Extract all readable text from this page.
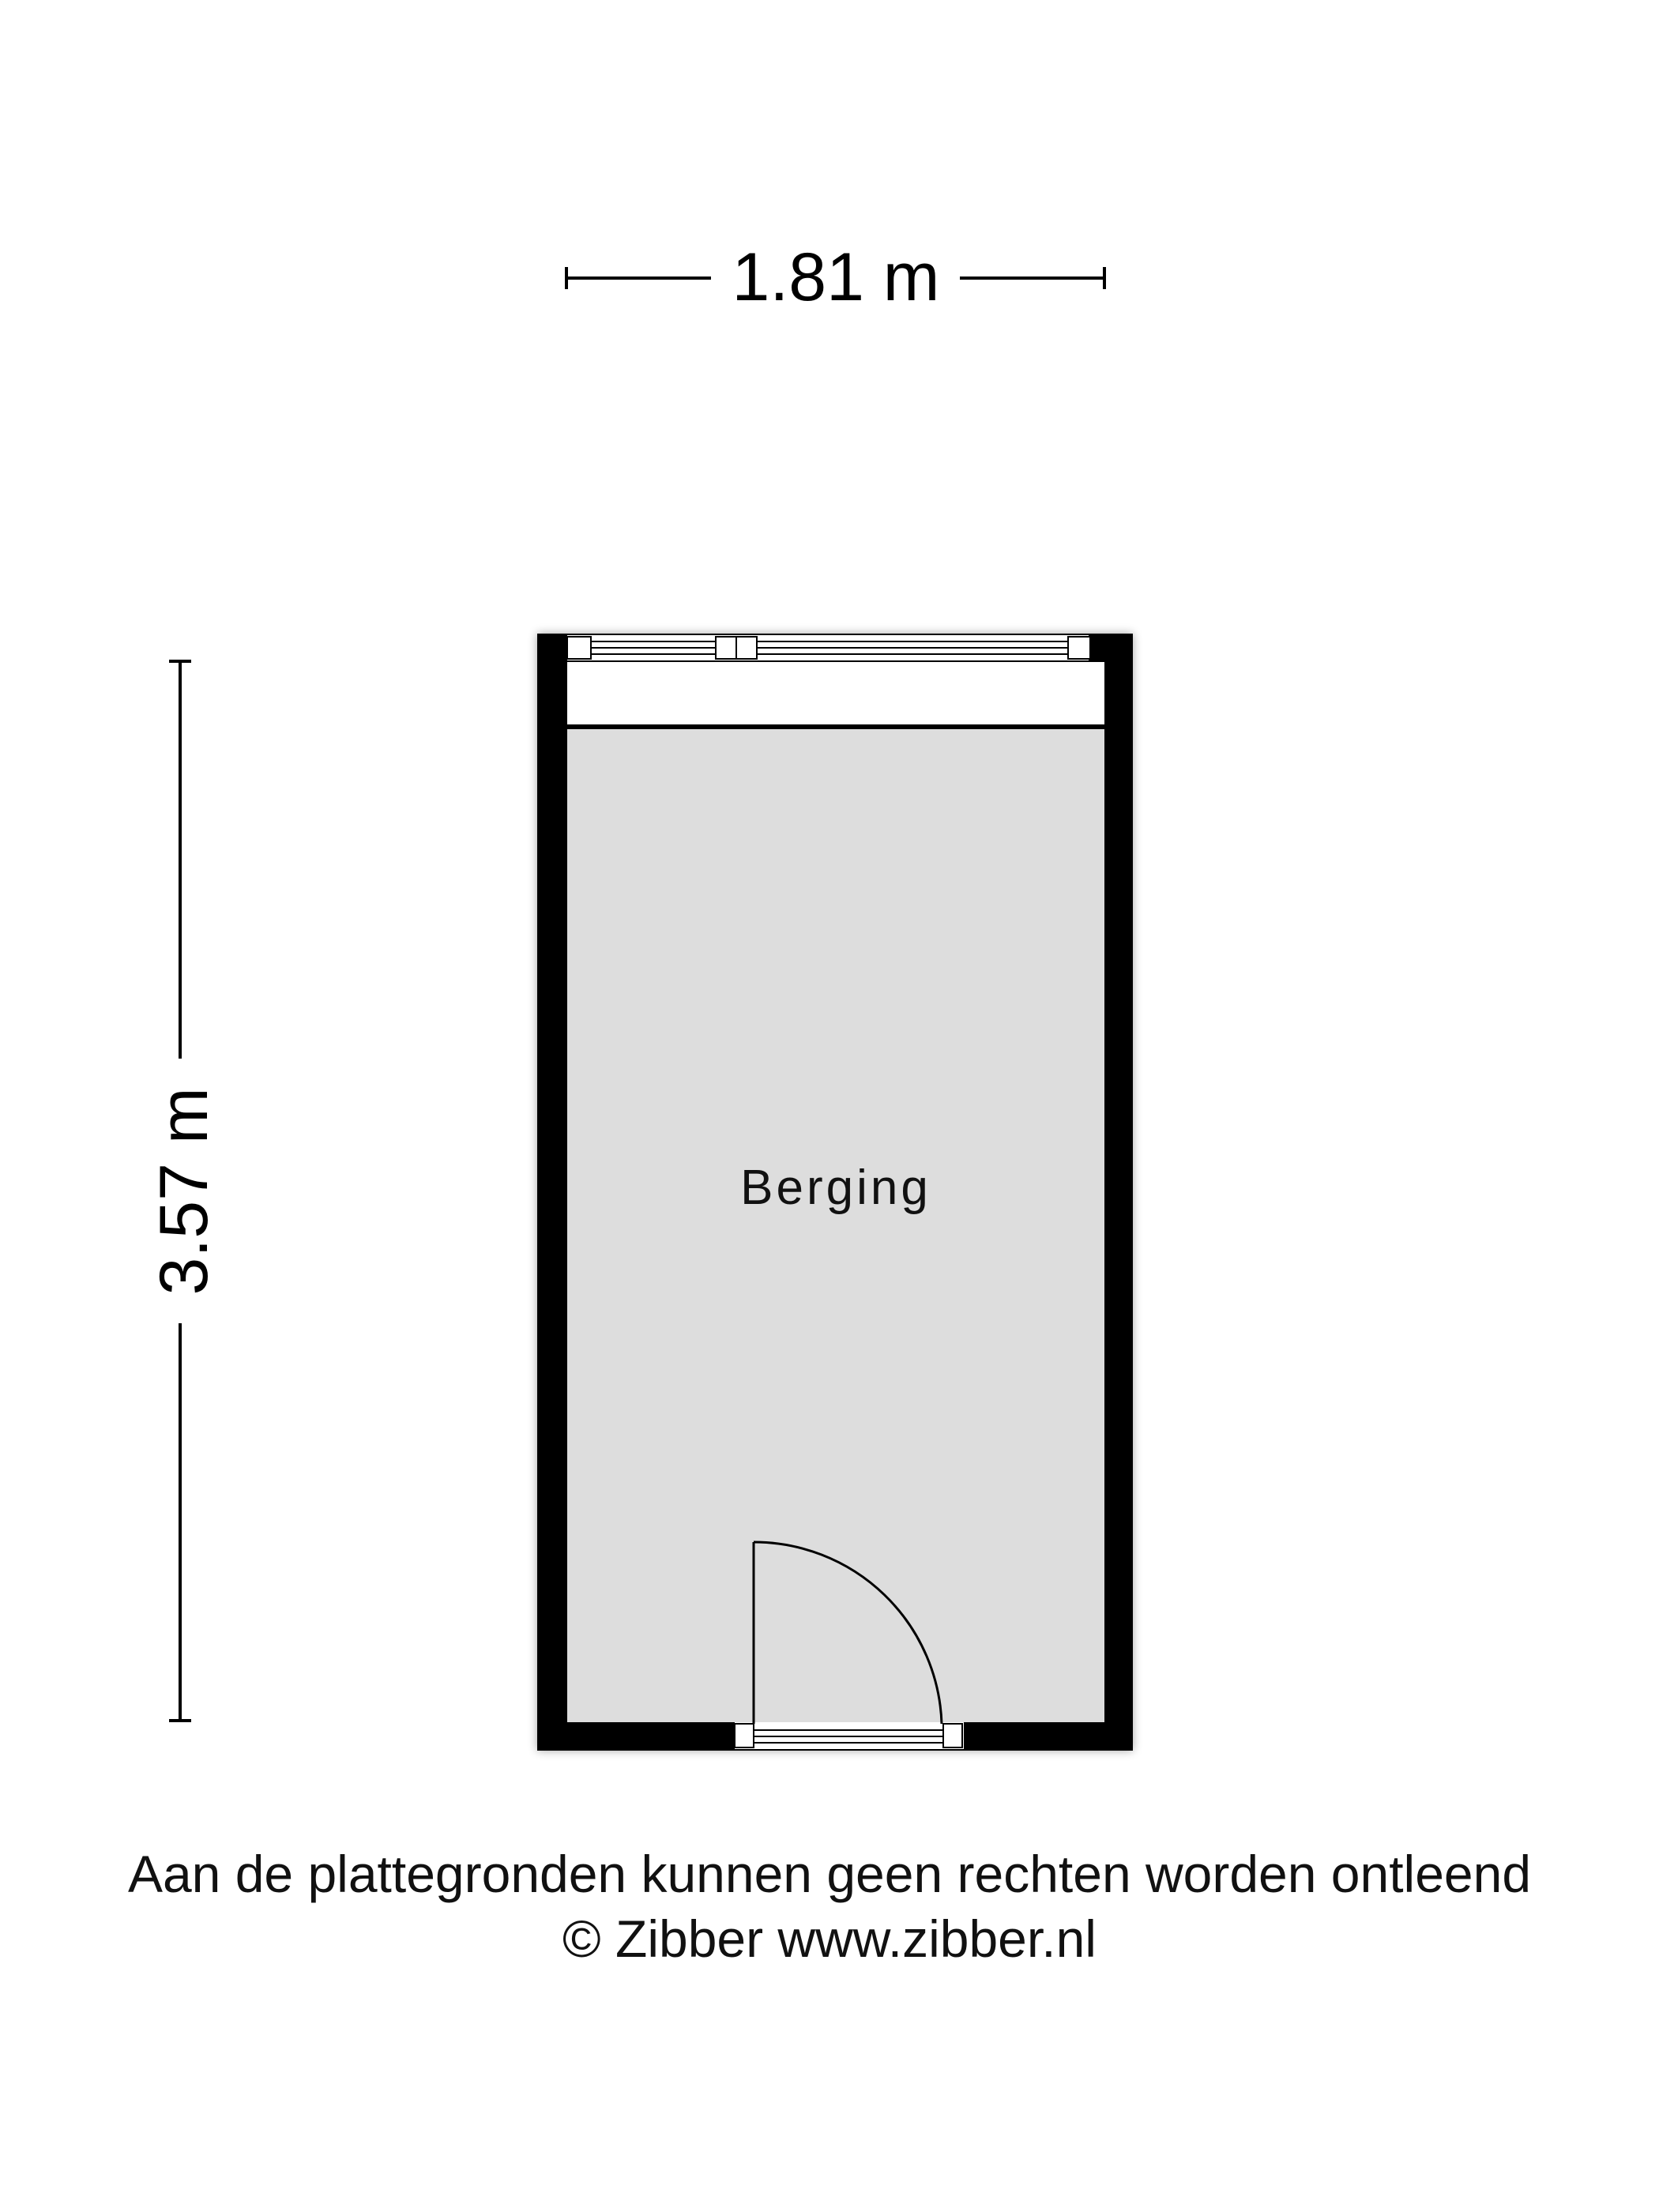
1.81 m
3.57 m	Berging
Aan de plattegronden kunnen geen rechten worden ontleend
© Zibber www.zibber.nl
